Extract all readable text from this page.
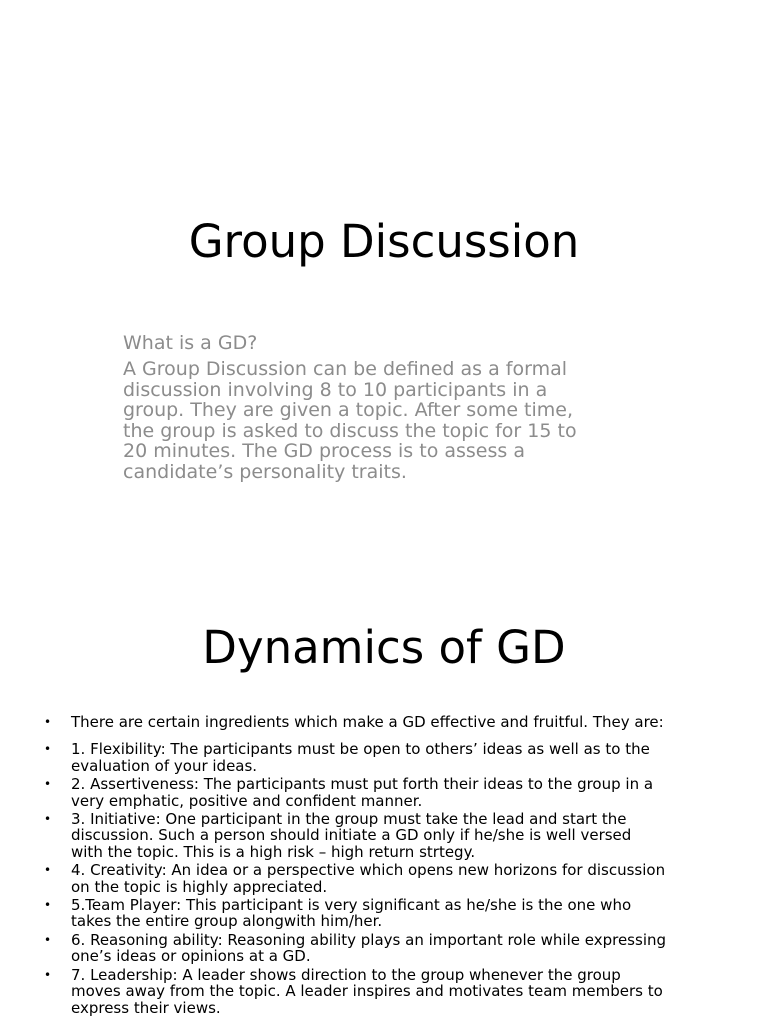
Group Discussion

What is a GD?

A Group Discussion can be defined as a formal
discussion involving 8 to 10 participants in a
group. They are given a topic. After some time,
the group is asked to discuss the topic for 15 to
20 minutes. The GD process is to assess a
candidate’s personality traits.

Dynamics of GD
• There are certain ingredients which make a GD effective and fruitful. They are:
• 1. Flexibility: The participants must be open to others’ ideas as well as to the
evaluation of your ideas.
• 2. Assertiveness: The participants must put forth their ideas to the group in a
very emphatic, positive and confident manner.
• 3. Initiative: One participant in the group must take the lead and start the
discussion. Such a person should initiate a GD only if he/she is well versed
with the topic. This is a high risk – high return strtegy.
• 4. Creativity: An idea or a perspective which opens new horizons for discussion
on the topic is highly appreciated.
• 5.Team Player: This participant is very significant as he/she is the one who
takes the entire group alongwith him/her.
• 6. Reasoning ability: Reasoning ability plays an important role while expressing
one’s ideas or opinions at a GD.
• 7. Leadership: A leader shows direction to the group whenever the group
moves away from the topic. A leader inspires and motivates team members to
express their views.
